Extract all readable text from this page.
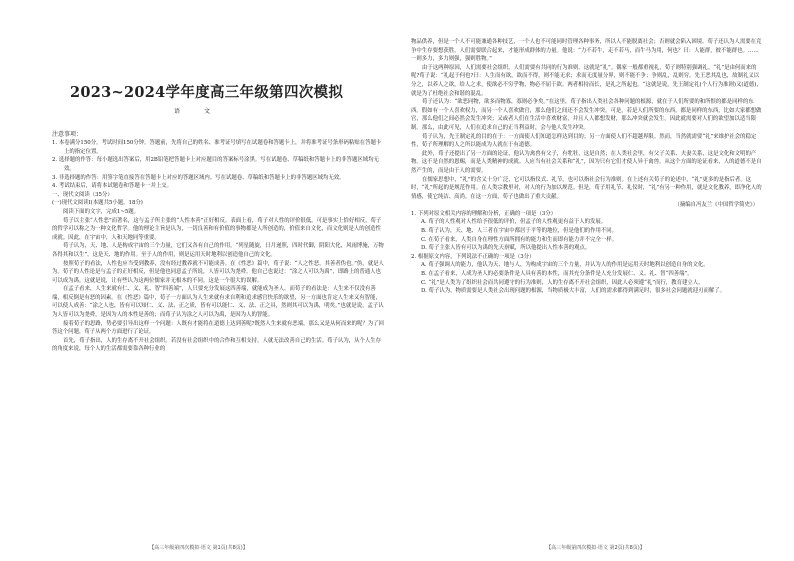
2023~2024学年度高三年级第四次模拟
语文
注意事项：

1. 本卷满分150分，考试时间150分钟。答题前，先将自己的姓名、准考证号填写在试题卷和答题卡上，并将准考证号条形码粘贴在答题卡上的指定位置。

2. 选择题的作答：每小题选出答案后，用2B铅笔把答题卡上对应题目的答案标号涂黑。写在试题卷、草稿纸和答题卡上的非答题区域均无效。

3. 非选择题的作答：用签字笔直接答在答题卡上对应的答题区域内。写在试题卷、草稿纸和答题卡上的非答题区域均无效。

4. 考试结束后，请将本试题卷和答题卡一并上交。

一、现代文阅读（35分）
(一)现代文阅读Ⅰ(本题共5小题，18分)

阅读下面的文字，完成1~5题。

荀子以主张“人性恶”而著名，这与孟子所主张的“人性本善”正好相反。表面上看，荀子对人性的评价很低。可是事实上恰好相反，荀子的哲学可以称之为一种文化哲学。他的理论主旨是认为，一切良善和有价值的事物都是人所创造的，价值来自文化，而文化则是人的创造性成就。因此，在宇宙中，人和天地同等重要。

荀子认为，天、地、人是构成宇宙的三个力量，它们又各有自己的作用。“列星随旋，日月递照，四时代御，阴阳大化，风雨博施，万物各得其和以生”，这是天、地的作用。至于人的作用，则是运用天时地利以创造他自己的文化。

按照荀子的看法，人性也应当受到教养，没有经过教养就不可能成善。在《性恶》篇中，荀子说：“人之性恶，其善者伪也。”伪，就是人为。荀子的人性论是与孟子的正好相反，但是他也同意孟子所说，人皆可以为尧舜。他自己也说过：“涂之人可以为禹”，即路上的普通人也可以成为禹。这就是说，让有些认为这两位儒家并无根本的不同。这是一个很大的误解。

在孟子看来，人生来就有仁、义、礼、智“四善端”，人只要充分发展这四善端，就能成为圣人。而荀子的看法是：人生来不仅没有善端，相反倒是有恶的因素。在《性恶》篇中，荀子一方面认为人生来就有求自利和追求感官快乐的欲望，另一方面也肯定人生来又有智能，可以使人成善：“涂之人也，皆有可以知仁、义、法、正之质，皆有可以能仁、义、法、正之具，然则其可以为禹，明矣。”也就是说，孟子认为人皆可以为尧舜，是因为人的本性是善的；而荀子认为涂之人可以为禹，是因为人的智能。

接着荀子的思路，势必要引导出这样一个问题：人既有才能将在道德上达到善呢?既然人生来就有恶端，那么又是从何而来的呢？为了回答这个问题，荀子从两个方面进行了论证。

首先，荀子指出，人的生存离不开社会组织。若没有社会组织中的合作和互相支持，人就无法改善自己的生活。荀子认为，从个人生存的角度来说，每个人的生活都需要靠各种行业的

【高三年级第四次模拟·语文 第1页(共8页)】

物品供养，但是一个人不可能兼通各种技艺，一个人也不可能同时管理各种事务，所以人不能脱离社会；否则就会陷入困境。荀子还认为人需要在竞争中生存要想获胜，人们需要联合起来，才能形成群体的力量。他说：“力不若牛，走不若马，而牛马为用，何也？曰：人能群，彼不能群也。……一则多力，多力则强，强则胜物。”

由于这两种原因，人们需要社会组织。人们需要有共同的行为准则。这就是“礼”。偶家一般都重视礼，荀子则特别强调礼。“礼”是由何而来的呢?荀子说：“礼起于何也?曰：人生而有欲，欲而不得，则不能无求；求而无度量分界，则不能不争；争则乱，乱则穷。先王恶其乱也，故制礼义以分之，以养人之欲，给人之求，使欲必不穷乎物，物必不屈于欲。两者相持而长，是礼之所起也。“这就是说，先王制定礼(个人行为准则)又(道德)，就是为了杜绝社会和谐的混乱。

荀子还认为：“欲恶同物，欲多而物寡，寡则必争矣。”在这里，荀子指出人类社会各种问题的根源，就在于人们所要的和所恨的都是同样的东西。假如有一个人喜欢权力，而另一个人喜欢做官，那么他们之间还不会发生冲突。可是，若是人们所要的东西，都是同样的东西，比如大家都想做官，那么他们之间必然会发生冲突；又或者人们在生活中喜欢财富，并且人人都想发财，那么冲突就会发生。因此就需要对人们的欲望加以适当限制。那么，由此可见，人们在追求自己的正当利益时，会与他人发生冲突。

荀子认为，先王制定礼的目的在于：一方面使人们知道怎样达到目的；另一方面使人们不超越界限。然而，当然就需要“礼”来维护社会的稳定性，荀子所理解的人之所以能成为人就在于有道德。

此外，荀子还提出了另一方面的论证，他认为禽兽有父子，有牝牡，这是自然；在人类社会里，有父子关系、夫妻关系，这是文化和文明的产物。这不是自然的恩赐，而是人类精神的成就。人应当有社会关系和“礼”，因为只有它们才使人异于禽兽。从这个方面的论证看来，人的道德不是自然产生的，而是由于人的需要。

在儒家思想中，“礼”的含义十分广泛，它可以指仪式、礼节，也可以指社会行为准则。在上述有关荀子的论述中，“礼”更多的是指后者。这时，“礼”所起的是规范作用。在人类宗教里对，对人的行为加以规范。但是，荀子用礼节、礼仪时，“礼”有另一种作用，就是文化教养，即净化人的情感，使它纯洁、高尚。在这一方面，荀子也做出了重大贡献。

（摘编自冯友兰《中国哲学简史》）

1. 下列对原文相关内容的理解和分析，正确的一项是（3分）

A. 荀子的人性观对人性给予很低的评价，但孟子的人性观更有益于人的发展。

B. 荀子认为，天、地、人三者在宇宙中都居于平等的地位，但是他们的作用不同。

C. 在荀子看来，人类自身在理性方面所拥有的能力和生而即有能力并不完全一样。

D. 荀子主张人皆有可以为禹的先天禀赋，所以他提出人性本善的观点。

2. 根据原文内容，下列说法不正确的一项是（3分）

A. 荀子强调人的能力，他认为天、地与人，为构成宇宙的三个力量，并认为人的作用是运用天时地利以创造自身的文化。

B. 在孟子看来，人成为圣人的必要条件是人具有善的本性，而其充分条件是人充分发展仁、义、礼、智“四善端”。

C. “礼”是人类为了组织社会而共同遵守的行为准则，人的生存离不开社会组织，因此人必须遵“礼”而行，教育建立人。

D. 荀子认为，物质需要是人类社会出现问题的根源，当物质极大丰富，人们的需求都得到满足时，很多社会问题就迎刃而解了。

【高三年级第四次模拟·语文 第2页(共8页)】
